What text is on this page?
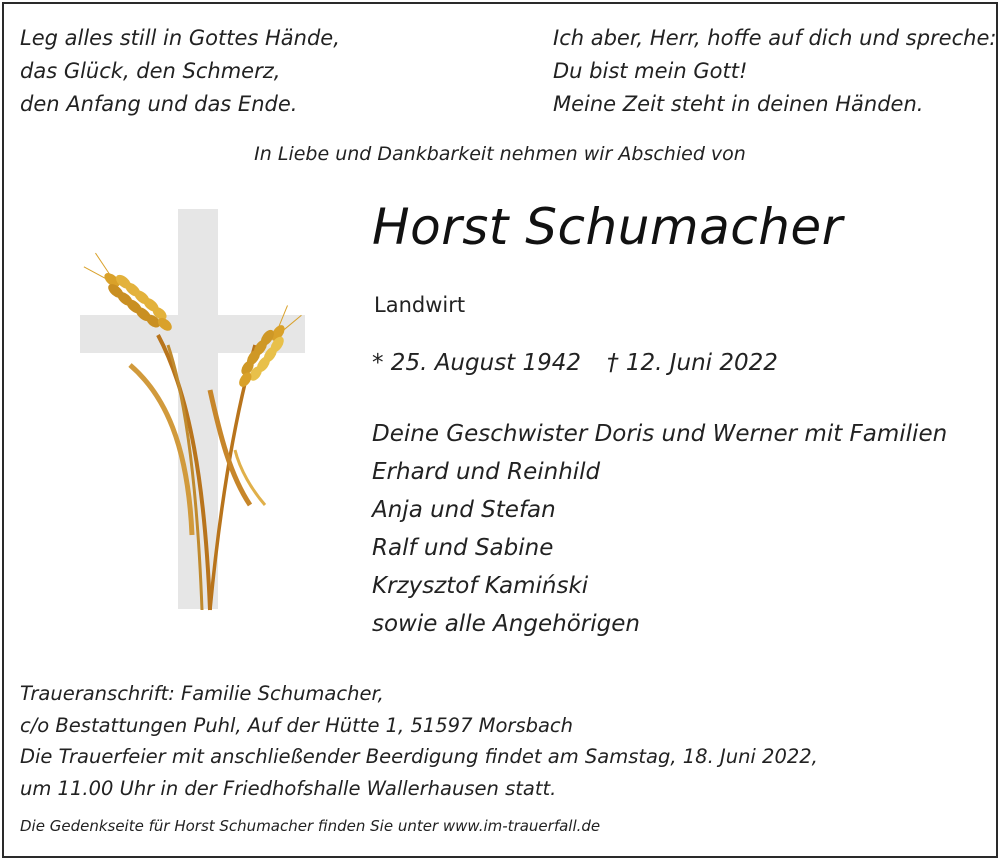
Leg alles still in Gottes Hände,
das Glück, den Schmerz,
den Anfang und das Ende.
Ich aber, Herr, hoffe auf dich und spreche:
Du bist mein Gott!
Meine Zeit steht in deinen Händen.
In Liebe und Dankbarkeit nehmen wir Abschied von
Horst Schumacher
Landwirt
* 25. August 1942 † 12. Juni 2022
Deine Geschwister Doris und Werner mit Familien
Erhard und Reinhild
Anja und Stefan
Ralf und Sabine
Krzysztof Kamiński
sowie alle Angehörigen
Traueranschrift: Familie Schumacher,
c/o Bestattungen Puhl, Auf der Hütte 1, 51597 Morsbach
Die Trauerfeier mit anschließender Beerdigung findet am Samstag, 18. Juni 2022,
um 11.00 Uhr in der Friedhofshalle Wallerhausen statt.
Die Gedenkseite für Horst Schumacher finden Sie unter www.im-trauerfall.de
